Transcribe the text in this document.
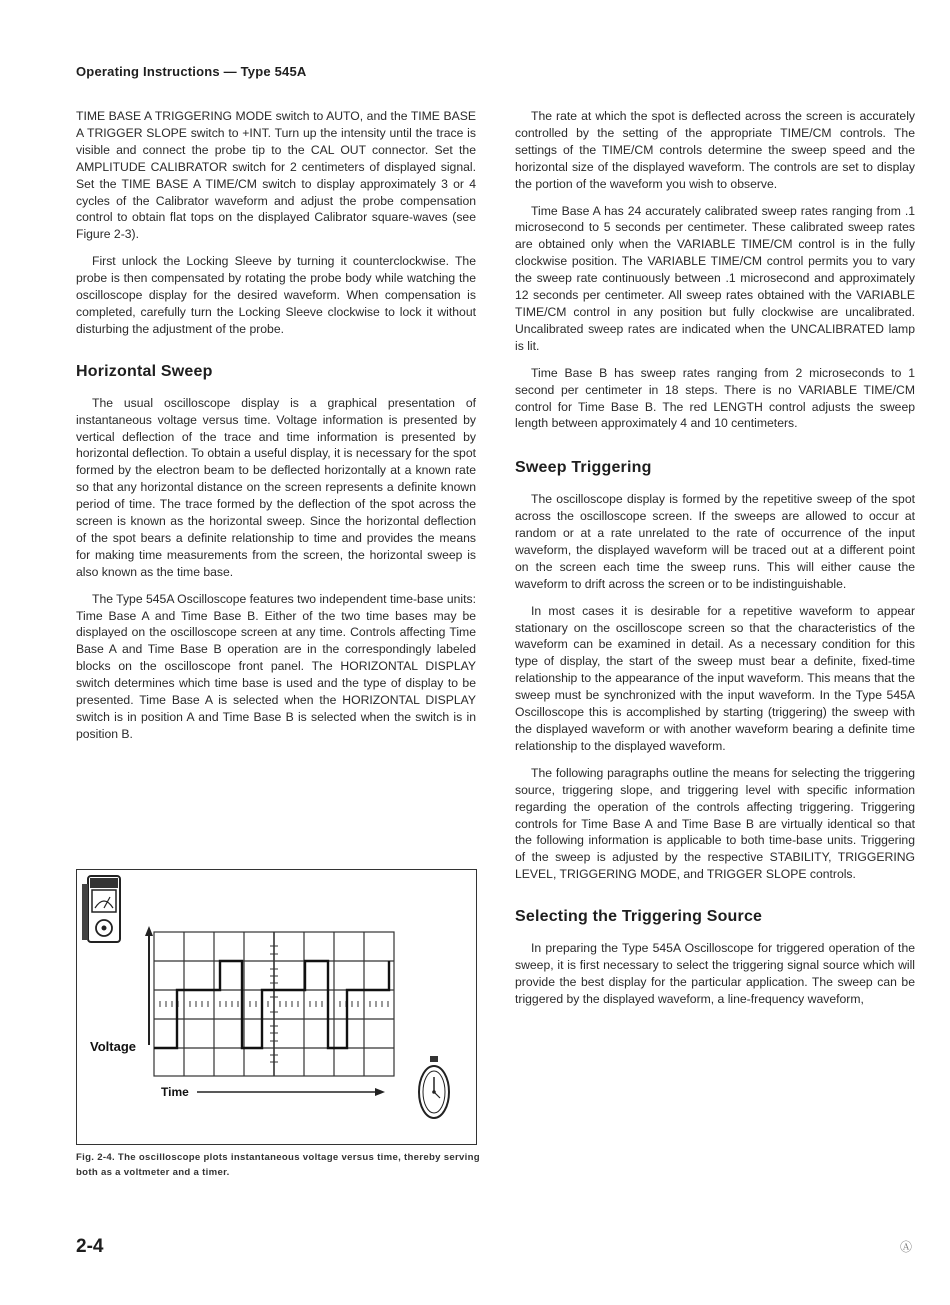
Operating Instructions — Type 545A

TIME BASE A TRIGGERING MODE switch to AUTO, and the TIME BASE A TRIGGER SLOPE switch to +INT. Turn up the intensity until the trace is visible and connect the probe tip to the CAL OUT connector. Set the AMPLITUDE CALIBRATOR switch for 2 centimeters of displayed signal. Set the TIME BASE A TIME/CM switch to display approximately 3 or 4 cycles of the Calibrator waveform and adjust the probe compensation control to obtain flat tops on the displayed Calibrator square-waves (see Figure 2-3).

First unlock the Locking Sleeve by turning it counterclockwise. The probe is then compensated by rotating the probe body while watching the oscilloscope display for the desired waveform. When compensation is completed, carefully turn the Locking Sleeve clockwise to lock it without disturbing the adjustment of the probe.

Horizontal Sweep

The usual oscilloscope display is a graphical presentation of instantaneous voltage versus time. Voltage information is presented by vertical deflection of the trace and time information is presented by horizontal deflection. To obtain a useful display, it is necessary for the spot formed by the electron beam to be deflected horizontally at a known rate so that any horizontal distance on the screen represents a definite known period of time. The trace formed by the deflection of the spot across the screen is known as the horizontal sweep. Since the horizontal deflection of the spot bears a definite relationship to time and provides the means for making time measurements from the screen, the horizontal sweep is also known as the time base.

The Type 545A Oscilloscope features two independent time-base units: Time Base A and Time Base B. Either of the two time bases may be displayed on the oscilloscope screen at any time. Controls affecting Time Base A and Time Base B operation are in the correspondingly labeled blocks on the oscilloscope front panel. The HORIZONTAL DISPLAY switch determines which time base is used and the type of display to be presented. Time Base A is selected when the HORIZONTAL DISPLAY switch is in position A and Time Base B is selected when the switch is in position B.

Voltage
Time
Fig. 2-4. The oscilloscope plots instantaneous voltage versus time, thereby serving both as a voltmeter and a timer.

The rate at which the spot is deflected across the screen is accurately controlled by the setting of the appropriate TIME/CM controls. The settings of the TIME/CM controls determine the sweep speed and the horizontal size of the displayed waveform. The controls are set to display the portion of the waveform you wish to observe.

Time Base A has 24 accurately calibrated sweep rates ranging from .1 microsecond to 5 seconds per centimeter. These calibrated sweep rates are obtained only when the VARIABLE TIME/CM control is in the fully clockwise position. The VARIABLE TIME/CM control permits you to vary the sweep rate continuously between .1 microsecond and approximately 12 seconds per centimeter. All sweep rates obtained with the VARIABLE TIME/CM control in any position but fully clockwise are uncalibrated. Uncalibrated sweep rates are indicated when the UNCALIBRATED lamp is lit.

Time Base B has sweep rates ranging from 2 microseconds to 1 second per centimeter in 18 steps. There is no VARIABLE TIME/CM control for Time Base B. The red LENGTH control adjusts the sweep length between approximately 4 and 10 centimeters.

Sweep Triggering

The oscilloscope display is formed by the repetitive sweep of the spot across the oscilloscope screen. If the sweeps are allowed to occur at random or at a rate unrelated to the rate of occurrence of the input waveform, the displayed waveform will be traced out at a different point on the screen each time the sweep runs. This will either cause the waveform to drift across the screen or to be indistinguishable.

In most cases it is desirable for a repetitive waveform to appear stationary on the oscilloscope screen so that the characteristics of the waveform can be examined in detail. As a necessary condition for this type of display, the start of the sweep must bear a definite, fixed-time relationship to the appearance of the input waveform. This means that the sweep must be synchronized with the input waveform. In the Type 545A Oscilloscope this is accomplished by starting (triggering) the sweep with the displayed waveform or with another waveform bearing a definite time relationship to the displayed waveform.

The following paragraphs outline the means for selecting the triggering source, triggering slope, and triggering level with specific information regarding the operation of the controls affecting triggering. Triggering controls for Time Base A and Time Base B are virtually identical so that the following information is applicable to both time-base units. Triggering of the sweep is adjusted by the respective STABILITY, TRIGGERING LEVEL, TRIGGERING MODE, and TRIGGER SLOPE controls.

Selecting the Triggering Source

In preparing the Type 545A Oscilloscope for triggered operation of the sweep, it is first necessary to select the triggering signal source which will provide the best display for the particular application. The sweep can be triggered by the displayed waveform, a line-frequency waveform,

2-4	Ⓐ
